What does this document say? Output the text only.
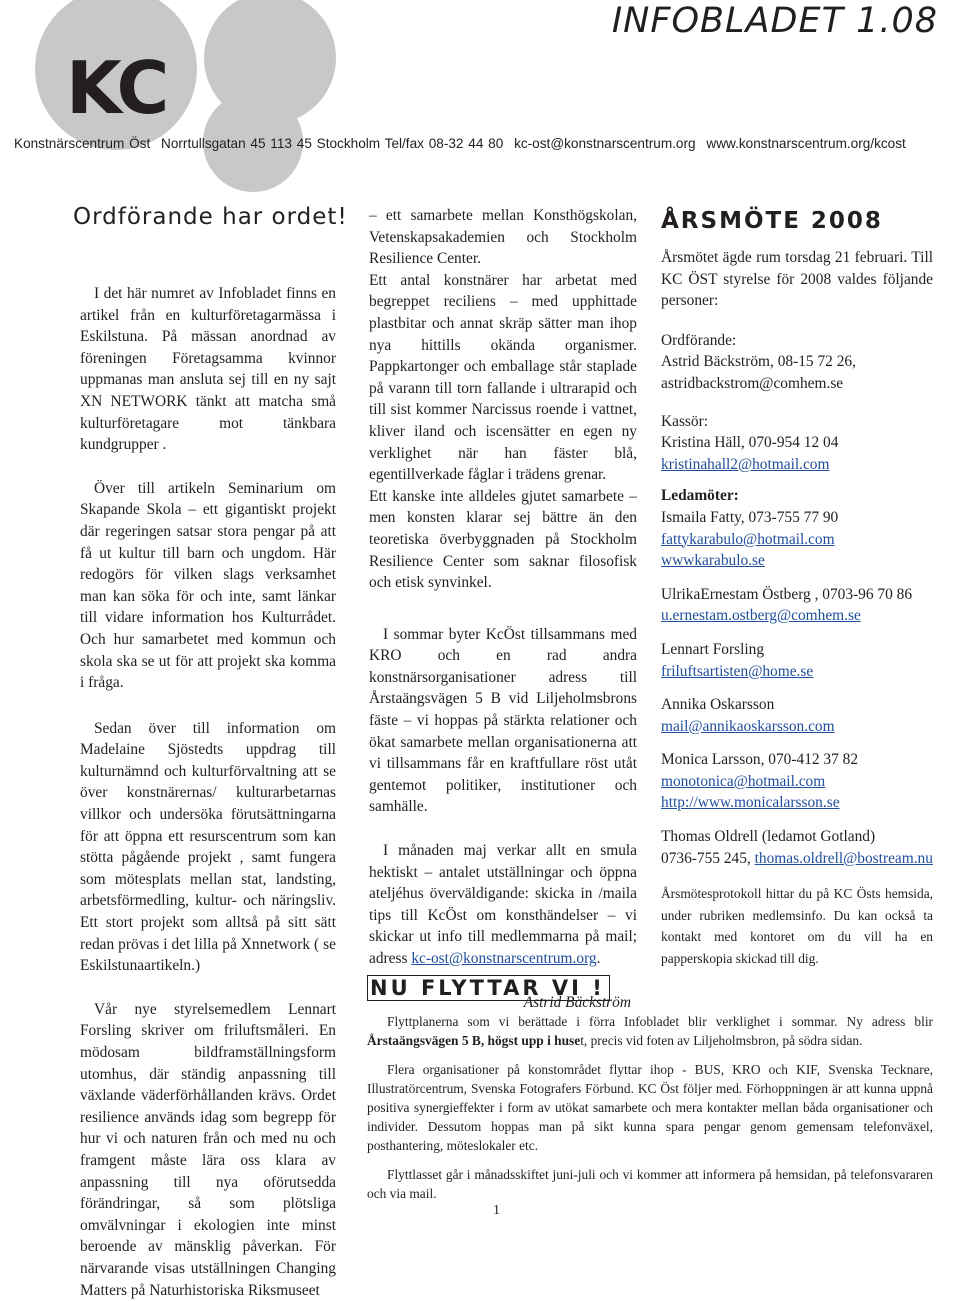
KC
INFOBLADET 1.08
Konstnärscentrum Öst Norrtullsgatan 45 113 45 Stockholm Tel/fax 08-32 44 80 kc-ost@konstnarscentrum.org www.konstnarscentrum.org/kcost
Ordförande har ordet!

I det här numret av Infobladet finns en artikel från en kulturföretagarmässa i Eskilstuna. På mässan anordnad av föreningen Företagsamma kvinnor uppmanas man ansluta sej till en ny sajt XN NETWORK tänkt att matcha små kulturföretagare mot tänkbara kundgrupper .

Över till artikeln Seminarium om Skapande Skola – ett gigantiskt projekt där regeringen satsar stora pengar på att få ut kultur till barn och ungdom. Här redogörs för vilken slags verksamhet man kan söka för och inte, samt länkar till vidare information hos Kulturrådet. Och hur samarbetet med kommun och skola ska se ut för att projekt ska komma i fråga.

Sedan över till information om Madelaine Sjöstedts uppdrag till kulturnämnd och kulturförvaltning att se över konstnärernas/ kulturarbetarnas villkor och undersöka förutsättningarna för att öppna ett resurscentrum som kan stötta pågående projekt , samt fungera som mötesplats mellan stat, landsting, arbetsförmedling, kultur- och näringsliv. Ett stort projekt som alltså på sitt sätt redan prövas i det lilla på Xnnetwork ( se Eskilstunaartikeln.)

Vår nye styrelsemedlem Lennart Forsling skriver om friluftsmåleri. En mödosam bildframställningsform utomhus, där ständig anpassning till växlande väderförhållanden krävs. Ordet resilience används idag som begrepp för hur vi och naturen från och med nu och framgent måste lära oss klara av anpassning till nya oförutsedda förändringar, så som plötsliga omvälvningar i ekologien inte minst beroende av mänsklig påverkan. För närvarande visas utställningen Changing Matters på Naturhistoriska Riksmuseet

– ett samarbete mellan Konsthögskolan, Vetenskapsakademien och Stockholm Resilience Center.

Ett antal konstnärer har arbetat med begreppet reciliens – med upphittade plastbitar och annat skräp sätter man ihop nya hittills okända organismer. Pappkartonger och emballage står staplade på varann till torn fallande i ultrarapid och till sist kommer Narcissus roende i vattnet, kliver iland och iscensätter en egen ny verklighet när han fäster blå, egentillverkade fåglar i trädens grenar.

Ett kanske inte alldeles gjutet samarbete – men konsten klarar sej bättre än den teoretiska överbyggnaden på Stockholm Resilience Center som saknar filosofisk och etisk synvinkel.

I sommar byter KcÖst tillsammans med KRO och en rad andra konstnärsorganisationer adress till Årstaängsvägen 5 B vid Liljeholmsbrons fäste – vi hoppas på stärkta relationer och ökat samarbete mellan organisationerna att vi tillsammans får en kraftfullare röst utåt gentemot politiker, institutioner och samhälle.

I månaden maj verkar allt en smula hektiskt – antalet utställningar och öppna ateljéhus överväldigande: skicka in /maila tips till KcÖst om konsthändelser – vi skickar ut info till medlemmarna på mail; adress kc-ost@konstnarscentrum.org.

Astrid Bäckström

ÅRSMÖTE 2008

Årsmötet ägde rum torsdag 21 februari. Till KC ÖST styrelse för 2008 valdes följande personer:

Ordförande:

Astrid Bäckström, 08-15 72 26,

astridbackstrom@comhem.se

Kassör:

Kristina Häll, 070-954 12 04

kristinahall2@hotmail.com

Ledamöter:

Ismaila Fatty, 073-755 77 90

fattykarabulo@hotmail.com

wwwkarabulo.se

UlrikaErnestam Östberg , 0703-96 70 86

u.ernestam.ostberg@comhem.se

Lennart Forsling

friluftsartisten@home.se

Annika Oskarsson

mail@annikaoskarsson.com

Monica Larsson, 070-412 37 82

monotonica@hotmail.com

http://www.monicalarsson.se

Thomas Oldrell (ledamot Gotland)

0736-755 245, thomas.oldrell@bostream.nu

Årsmötesprotokoll hittar du på KC Östs hemsida, under rubriken medlemsinfo. Du kan också ta kontakt med kontoret om du vill ha en papperskopia skickad till dig.

NU FLYTTAR VI !

Flyttplanerna som vi berättade i förra Infobladet blir verklighet i sommar. Ny adress blir Årstaängsvägen 5 B, högst upp i huset, precis vid foten av Liljeholmsbron, på södra sidan.

Flera organisationer på konstområdet flyttar ihop - BUS, KRO och KIF, Svenska Tecknare, Illustratörcentrum, Svenska Fotografers Förbund. KC Öst följer med. Förhoppningen är att kunna uppnå positiva synergieffekter i form av utökat samarbete och mera kontakter mellan båda organisationer och individer. Dessutom hoppas man på sikt kunna spara pengar genom gemensam telefonväxel, posthantering, möteslokaler etc.

Flyttlasset går i månadsskiftet juni-juli och vi kommer att informera på hemsidan, på telefonsvararen och via mail.

1
